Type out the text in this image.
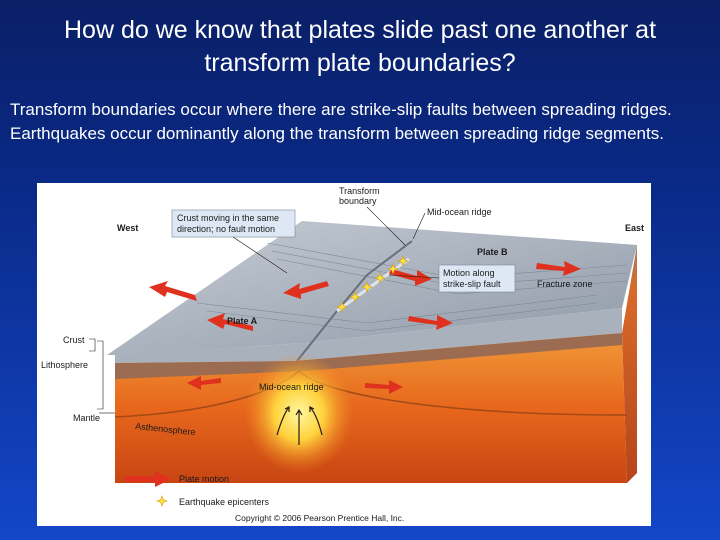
How do we know that plates slide past one another at
transform plate boundaries?
Transform boundaries occur where there are strike-slip faults between spreading ridges. Earthquakes occur dominantly along the transform between spreading ridge segments.
West	East
Transform
boundary
Mid-ocean ridge
Crust moving in the same
direction; no fault motion
Plate B
Motion along
strike-slip fault	Fracture zone
Plate A
Crust
Lithosphere
Mantle
Mid-ocean ridge
Asthenosphere
Plate motion
Earthquake epicenters
Copyright © 2006 Pearson Prentice Hall, Inc.
